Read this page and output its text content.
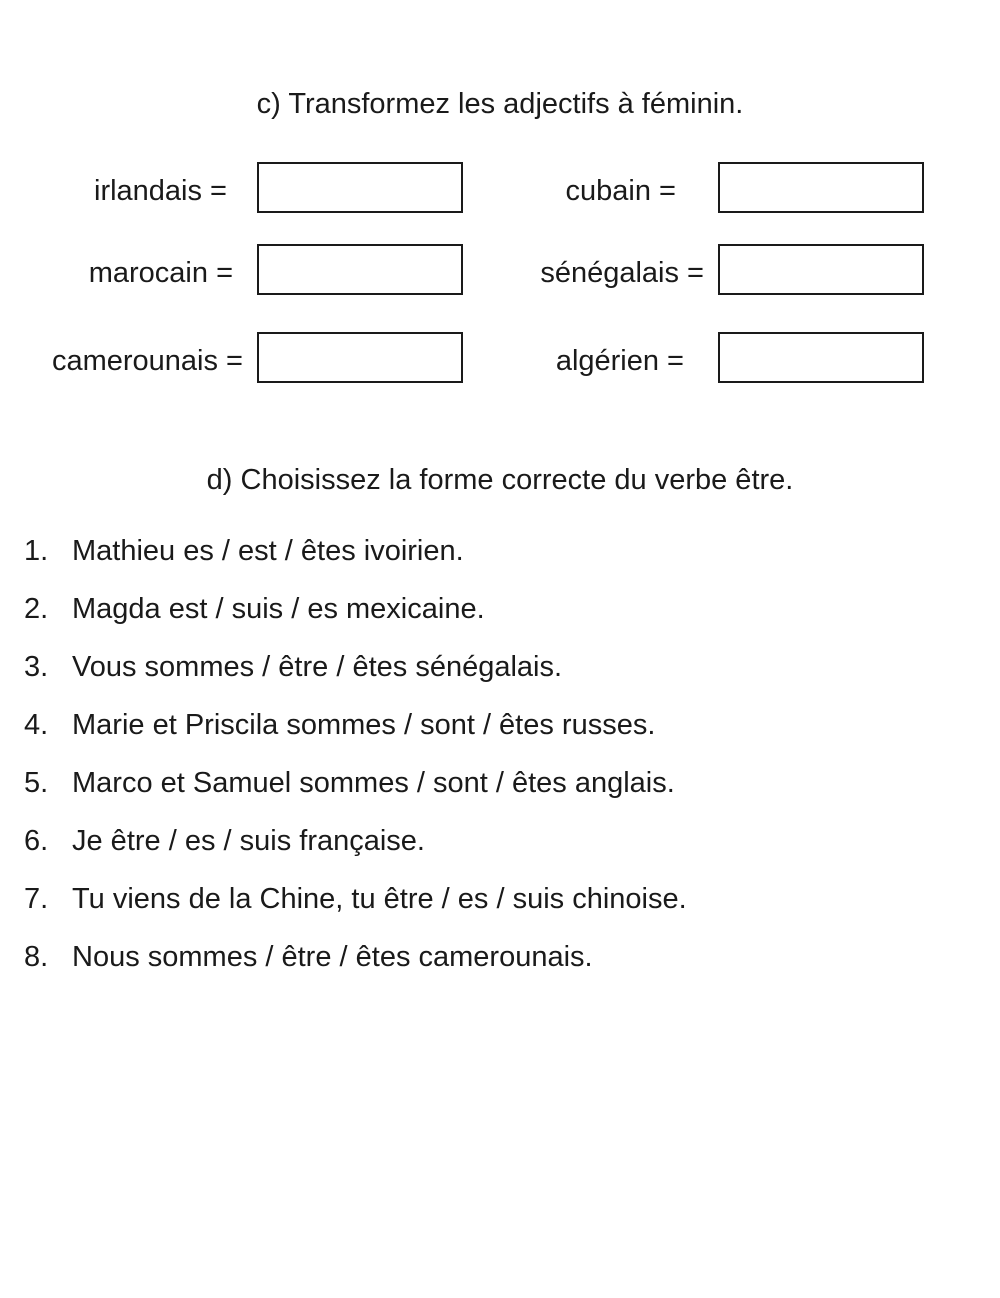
c) Transformez les adjectifs à féminin.
irlandais =
marocain =
camerounais =
cubain =
sénégalais =
algérien =
d) Choisissez la forme correcte du verbe être.
1. Mathieu es / est / êtes ivoirien.
2. Magda est / suis / es mexicaine.
3. Vous sommes / être / êtes sénégalais.
4. Marie et Priscila sommes / sont / êtes russes.
5. Marco et Samuel sommes / sont / êtes anglais.
6. Je être / es / suis française.
7. Tu viens de la Chine, tu être / es / suis chinoise.
8. Nous sommes / être / êtes camerounais.
